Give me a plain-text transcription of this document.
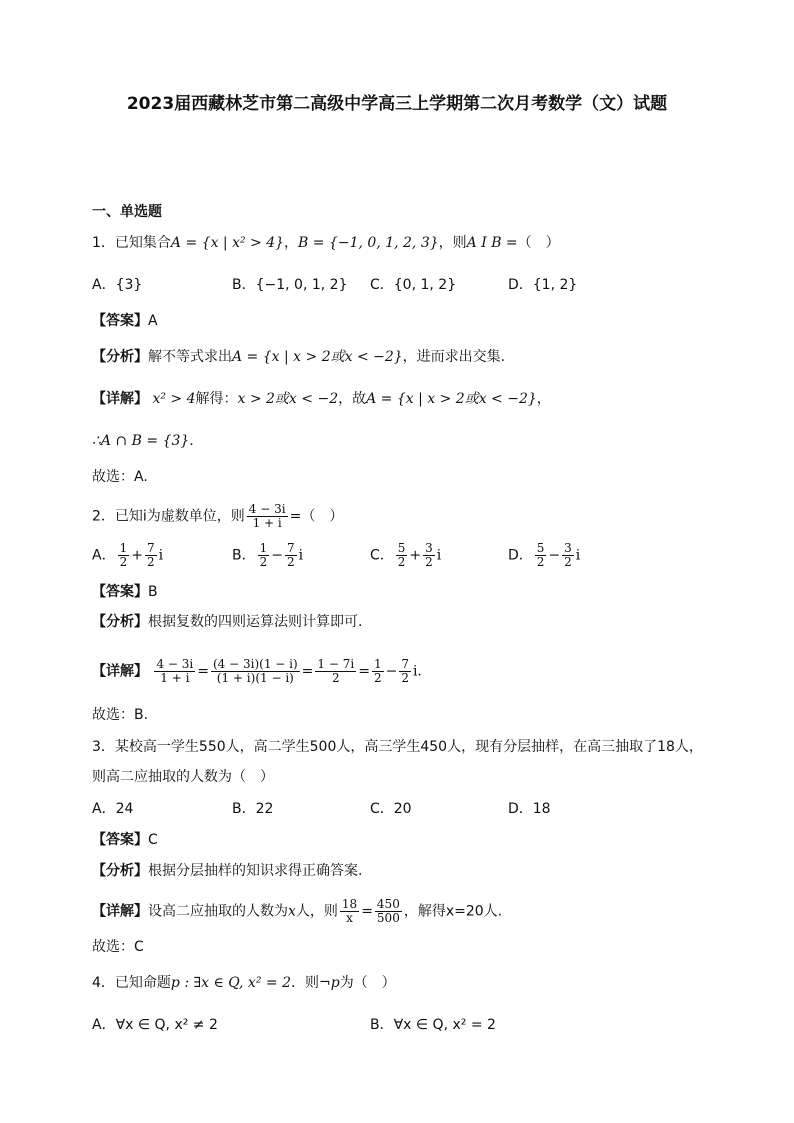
2023届西藏林芝市第二高级中学高三上学期第二次月考数学（文）试题
一、单选题
1．已知集合A = {x | x² > 4}，B = {−1, 0, 1, 2, 3}，则A I B =（　）
A．{3}	B．{−1, 0, 1, 2} C．{0, 1, 2}	D．{1, 2}
【答案】A
【分析】解不等式求出A = {x | x > 2或x < −2}，进而求出交集.
【详解】 x² > 4解得：x > 2或x < −2，故A = {x | x > 2或x < −2}，
∴A ∩ B = {3}.
故选：A.
2．已知i为虚数单位，则 $\frac{4 - 3i}{1 + i}$ =（　）
A． $\frac{1}{2} + \frac{7}{2}$ i	B． $\frac{1}{2} - \frac{7}{2}$ i	C． $\frac{5}{2} + \frac{3}{2}$ i	D． $\frac{5}{2} - \frac{3}{2}$ i
【答案】B
【分析】根据复数的四则运算法则计算即可.
【详解】 $\frac{4 - 3i}{1 + i} = \frac{(4 - 3i)(1 - i)}{(1 + i)(1 - i)} = \frac{1 - 7i}{2} = \frac{1}{2} - \frac{7}{2} i$.
故选：B.
3．某校高一学生550人，高二学生500人，高三学生450人，现有分层抽样，在高三抽取了18人，
则高二应抽取的人数为（　）
A．24	B．22	C．20	D．18
【答案】C
【分析】根据分层抽样的知识求得正确答案.
【详解】设高二应抽取的人数为x人，则 $\frac{18}{x} = \frac{450}{500}$ ，解得x=20人.
故选：C
4．已知命题p : ∃x ∈ Q, x² = 2．则¬p为（　）
A．∀x ∈ Q, x² ≠ 2	B．∀x ∈ Q, x² = 2
